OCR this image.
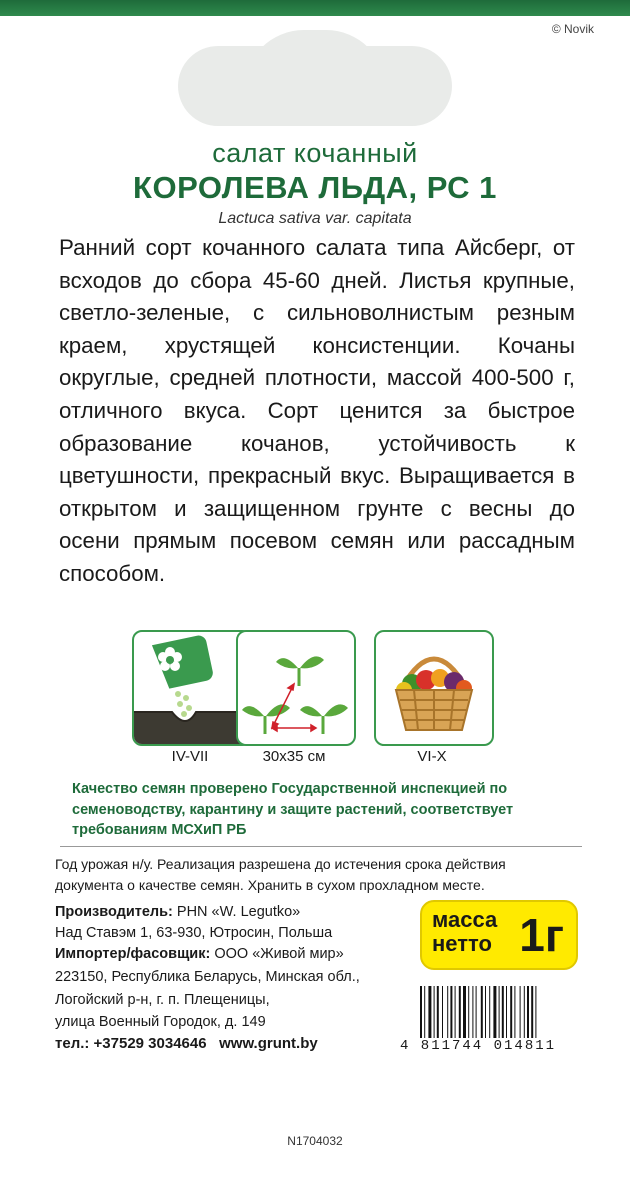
© Novik
салат кочанный
КОРОЛЕВА ЛЬДА, РС 1
Lactuca sativa var. capitata

Ранний сорт кочанного салата типа Айсберг, от всходов до сбора 45-60 дней. Листья крупные, светло-зеленые, с сильноволнистым резным краем, хрустящей консистенции. Кочаны округлые, средней плотности, массой 400-500 г, отличного вкуса. Сорт ценится за быстрое образование кочанов, устойчивость к цветушности, прекрасный вкус. Выращивается в открытом и защищенном грунте с весны до осени прямым посевом семян или рассадным способом.

IV-VII	30x35 см	VI-X

Качество семян проверено Государственной инспекцией по семеноводству, карантину и защите растений, соответствует требованиям МСХиП РБ

Год урожая н/у. Реализация разрешена до истечения срока действия документа о качестве семян. Хранить в сухом прохладном месте.

Производитель: PHN «W. Legutko»
Над Ставэм 1, 63-930, Ютросин, Польша
Импортер/фасовщик: ООО «Живой мир»
223150, Республика Беларусь, Минская обл.,
Логойский р-н, г. п. Плещеницы,
улица Военный Городок, д. 149
тел.: +37529 3034646 www.grunt.by
масса
нетто 1г
4 811744 014811
N1704032
